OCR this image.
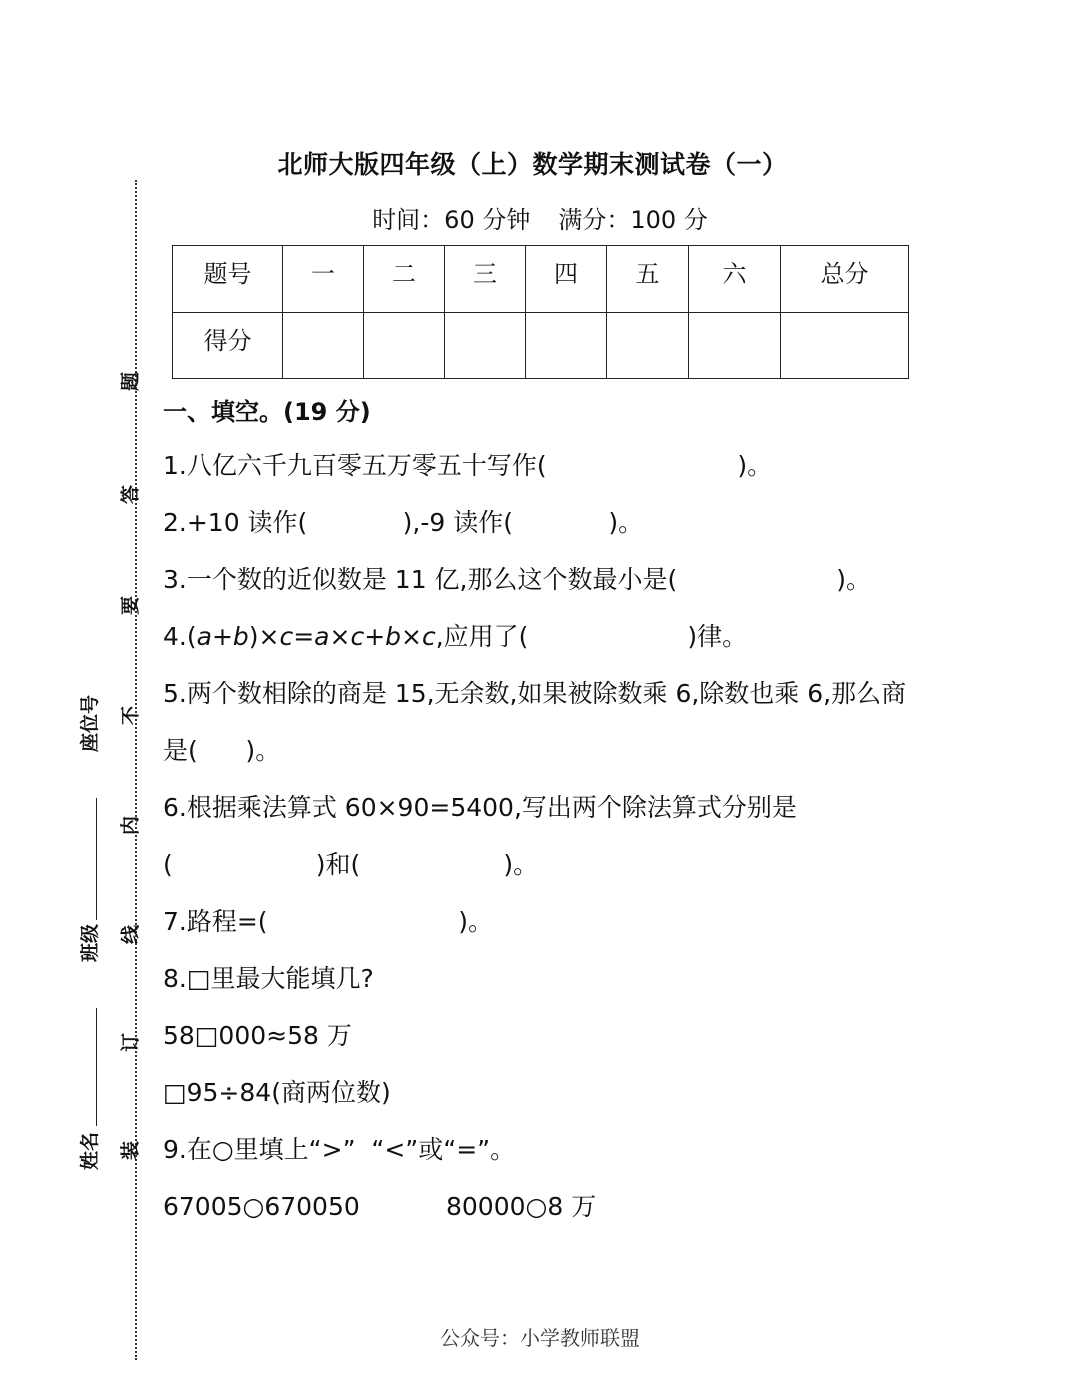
题
答
要
不
内
线
订
装
座位号
班级
姓名
北师大版四年级（上）数学期末测试卷（一）
时间：60 分钟 满分：100 分
题号	一	二	三	四	五	六	总分
得分							
一、填空。(19 分)
1.八亿六千九百零五万零五十写作(                        )。
2.+10 读作(            ),-9 读作(            )。
3.一个数的近似数是 11 亿,那么这个数最小是(                    )。
4.(a+b)×c=a×c+b×c,应用了(                    )律。
5.两个数相除的商是 15,无余数,如果被除数乘 6,除数也乘 6,那么商
是(      )。
6.根据乘法算式 60×90=5400,写出两个除法算式分别是
(                  )和(                  )。
7.路程=(                        )。
8.□里最大能填几?
58□000≈58 万
□95÷84(商两位数)
9.在○里填上“>”  “<”或“=”。
67005○670050	80000○8 万
公众号：小学教师联盟
